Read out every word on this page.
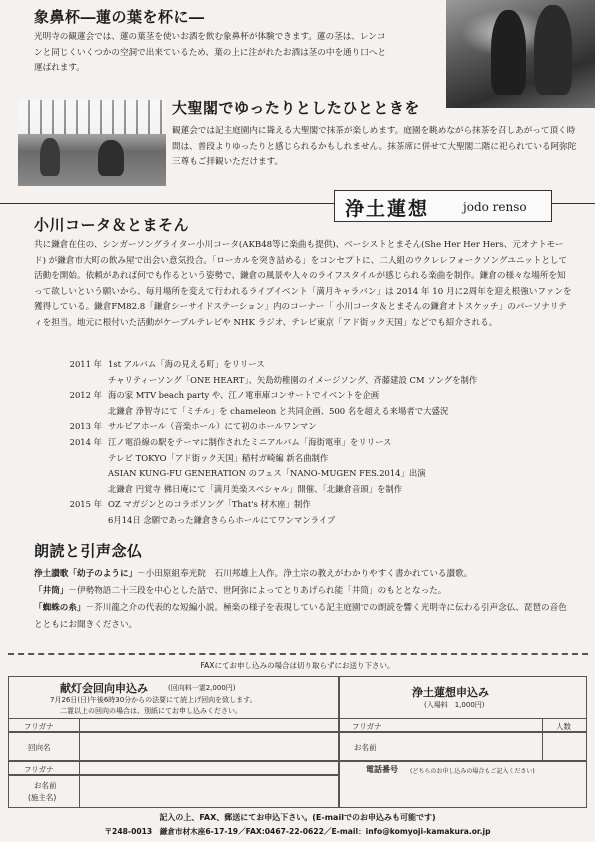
象鼻杯―蓮の葉を杯に―
光明寺の観蓮会では、蓮の葉茎を使いお酒を飲む象鼻杯が体験できます。蓮の茎は、レンコンと同じくいくつかの空洞で出来ているため、葉の上に注がれたお酒は茎の中を通り口へと運ばれます。
大聖閣でゆったりとしたひとときを
観蓮会では記主庭園内に聳える大聖閣で抹茶が楽しめます。庭園を眺めながら抹茶を召しあがって頂く時間は、普段よりゆったりと感じられるかもしれません。抹茶席に併せて大聖閣二階に祀られている阿弥陀三尊もご拝観いただけます。
浄土蓮想	jodo renso
小川コータ＆とまそん
共に鎌倉在住の、シンガーソングライター小川コータ(AKB48等に楽曲も提供)、ベーシストとまそん(She Her Her Hers、元オナトモード) が鎌倉市大町の飲み屋で出会い意気投合。「ローカルを突き詰める」をコンセプトに、二人組のウクレレフォークソングユニットとして活動を開始。依頼があれば何でも作るという姿勢で、鎌倉の風景や人々のライフスタイルが感じられる楽曲を制作。鎌倉の様々な場所を知って欲しいという願いから、毎月場所を変えて行われるライブイベント「満月キャラバン」は 2014 年 10 月に2周年を迎え根強いファンを獲得している。鎌倉FM82.8「鎌倉シーサイドステーション」内のコーナー「 小川コータ＆とまそんの鎌倉オトスケッチ」のパーソナリティを担当。地元に根付いた活動がケーブルテレビや NHK ラジオ、テレビ東京「アド街ック天国」などでも紹介される。
2011 年 1st アルバム「海の見える町」をリリース
チャリティーソング「ONE HEART」、矢島幼稚園のイメージソング、斉藤建設 CM ソングを制作
2012 年 海の家 MTV beach party や、江ノ電車庫コンサートでイベントを企画
北鎌倉 浄智寺にて「ミチル」を chameleon と共同企画、500 名を超える来場者で大盛況
2013 年 サルビアホール（音楽ホール）にて初のホールワンマン
2014 年 江ノ電沿線の駅をテーマに制作されたミニアルバム「海街電車」をリリース
テレビ TOKYO「アド街ック天国」稲村ガ崎編 新名曲制作
ASIAN KUNG-FU GENERATION のフェス「NANO-MUGEN FES.2014」出演
北鎌倉 円覚寺 佛日庵にて「満月美楽スペシャル」開催、「北鎌倉音頭」を制作
2015 年 OZ マガジンとのコラボソング「That's 材木座」制作
6月14日 念願であった鎌倉きららホールにてワンマンライブ
朗読と引声念仏
浄土讃歌「幼子のように」－小田原組奉光院　石川邦雄上人作。浄土宗の教えがわかりやすく書かれている讃歌。
「井筒」－伊勢物語二十三段を中心とした話で、世阿弥によってとりあげられ能「井筒」のもととなった。
「蜘蛛の糸」－芥川龍之介の代表的な短編小説。極楽の様子を表現している記主庭園での朗読を響く光明寺に伝わる引声念仏、琵琶の音色とともにお聞きください。
FAXにてお申し込みの場合は切り取らずにお送り下さい。
献灯会回向申込み	(回向料一霊2,000円)
7月26日(日)午後6時30分からの法要にて読上げ回向を致します。
二霊以上の回向の場合は、別紙にてお申し込みください。
フリガナ
回向名
フリガナ
お名前
(施主名)
浄土蓮想申込み
(入場料　1,000円)
フリガナ	人数
お名前
電話番号 (どちらのお申し込みの場合もご記入ください)
記入の上、FAX、郵送にてお申込下さい。(E-mailでのお申込みも可能です)
〒248-0013　鎌倉市材木座6-17-19／FAX:0467-22-0622／E-mail：info@komyoji-kamakura.or.jp
